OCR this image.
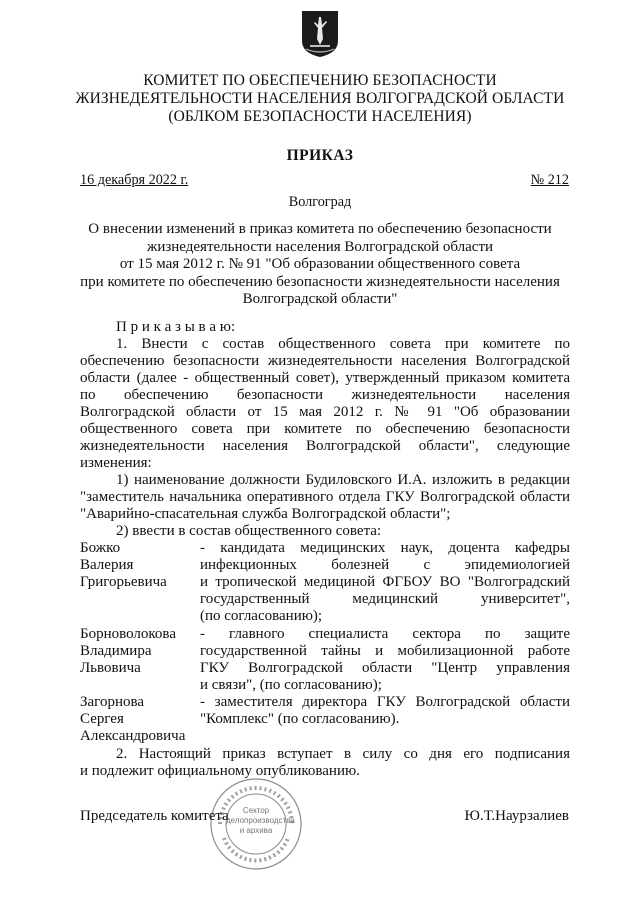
КОМИТЕТ ПО ОБЕСПЕЧЕНИЮ БЕЗОПАСНОСТИ
ЖИЗНЕДЕЯТЕЛЬНОСТИ НАСЕЛЕНИЯ ВОЛГОГРАДСКОЙ ОБЛАСТИ
(ОБЛКОМ БЕЗОПАСНОСТИ НАСЕЛЕНИЯ)
ПРИКАЗ
16 декабря 2022 г.	№ 212
Волгоград
О внесении изменений в приказ комитета по обеспечению безопасности
жизнедеятельности населения Волгоградской области
от 15 мая 2012 г. № 91 "Об образовании общественного совета
при комитете по обеспечению безопасности жизнедеятельности населения
Волгоградской области"
П р и к а з ы в а ю:
1. Внести с состав общественного совета при комитете по
обеспечению безопасности жизнедеятельности населения Волгоградской
области (далее - общественный совет), утвержденный приказом комитета
по обеспечению безопасности жизнедеятельности населения
Волгоградской области от 15 мая 2012 г. № 91 "Об образовании
общественного совета при комитете по обеспечению безопасности
жизнедеятельности населения Волгоградской области", следующие
изменения:
1) наименование должности Будиловского И.А. изложить в редакции
"заместитель начальника оперативного отдела ГКУ Волгоградской области
"Аварийно-спасательная служба Волгоградской области";
2) ввести в состав общественного совета:
Божко
Валерия
Григорьевича
- кандидата медицинских наук, доцента кафедры
инфекционных болезней с эпидемиологией
и тропической медициной ФГБОУ ВО "Волгоградский
государственный медицинский университет",
(по согласованию);
Борноволокова
Владимира
Львовича
- главного специалиста сектора по защите
государственной тайны и мобилизационной работе
ГКУ Волгоградской области "Центр управления
и связи", (по согласованию);
Загорнова
Сергея
Александровича
- заместителя директора ГКУ Волгоградской области
"Комплекс" (по согласованию).
2. Настоящий приказ вступает в силу со дня его подписания
и подлежит официальному опубликованию.
Сектор
делопроизводства
и архива
Председатель комитета	Ю.Т.Наурзалиев
